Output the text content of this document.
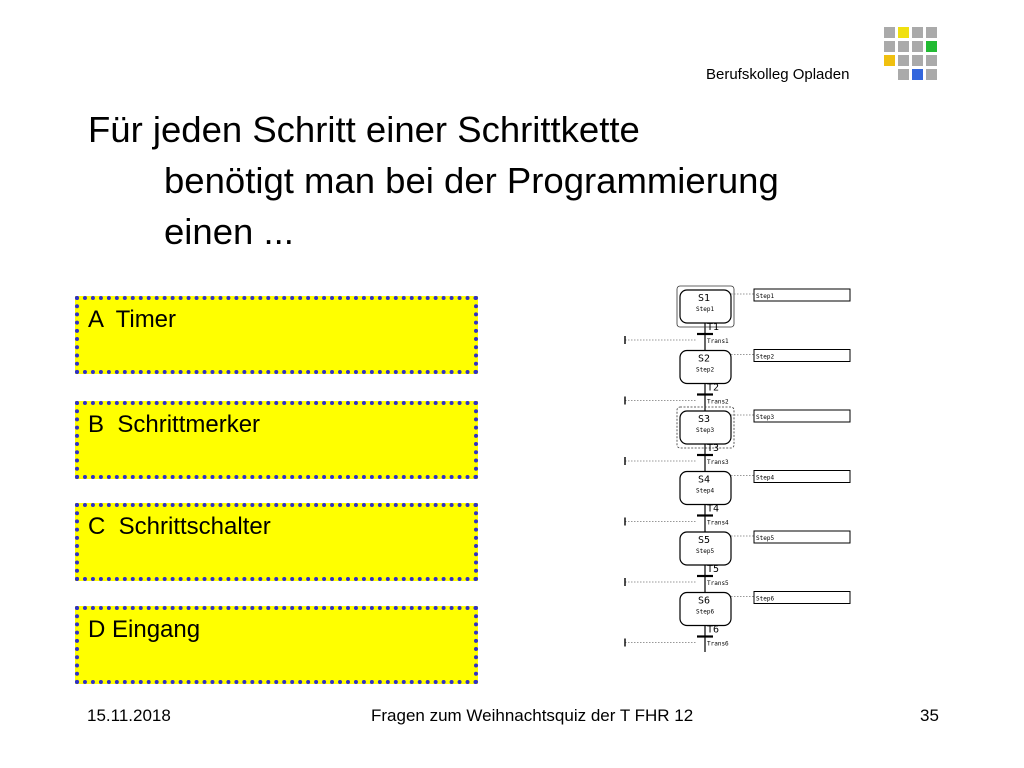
Berufskolleg Opladen

Für jeden Schritt einer Schrittkette

benötigt man bei der Programmierung

einen ...

A  Timer
B  Schrittmerker
C  Schrittschalter
D Eingang
S1
Step1
Step1
S2
Step2
Step2
S3
Step3
Step3
S4
Step4
Step4
S5
Step5
Step5
S6
Step6
Step6
T1
Trans1
T2
Trans2
T3
Trans3
T4
Trans4
T5
Trans5
T6
Trans6
15.11.2018	Fragen zum Weihnachtsquiz der T FHR 12	35
